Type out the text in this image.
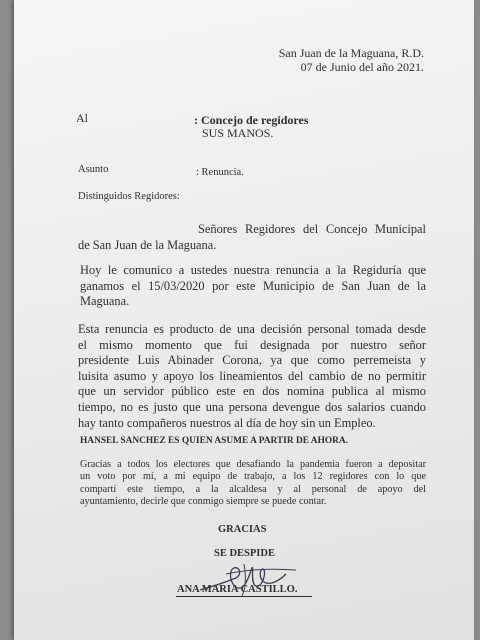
San Juan de la Maguana, R.D.
07 de Junio del año 2021.
Al	: Concejo de regidores
SUS MANOS.
Asunto	: Renuncia.
Distinguidos Regidores:
Señores Regidores del Concejo Municipal
de San Juan de la Maguana.
Hoy le comunico a ustedes nuestra renuncia a la Regiduría que
ganamos el 15/03/2020 por este Municipio de San Juan de la
Maguana.
Esta renuncia es producto de una decisión personal tomada desde
el mismo momento que fui designada por nuestro señor
presidente Luis Abinader Corona, ya que como perremeista y
luisita asumo y apoyo los lineamientos del cambio de no permitir
que un servidor público este en dos nomina publica al mismo
tiempo, no es justo que una persona devengue dos salarios cuando
hay tanto compañeros nuestros al día de hoy sin un Empleo.
HANSEL SANCHEZ ES QUIEN ASUME A PARTIR DE AHORA.
Gracias a todos los electores que desafiando la pandemia fueron a depositar
un voto por mí, a mi equipo de trabajo, a los 12 regidores con lo que
compartí este tiempo, a la alcaldesa y al personal de apoyo del
ayuntamiento, decirle que conmigo siempre se puede contar.
GRACIAS
SE DESPIDE
ANA MARIA CASTILLO.
